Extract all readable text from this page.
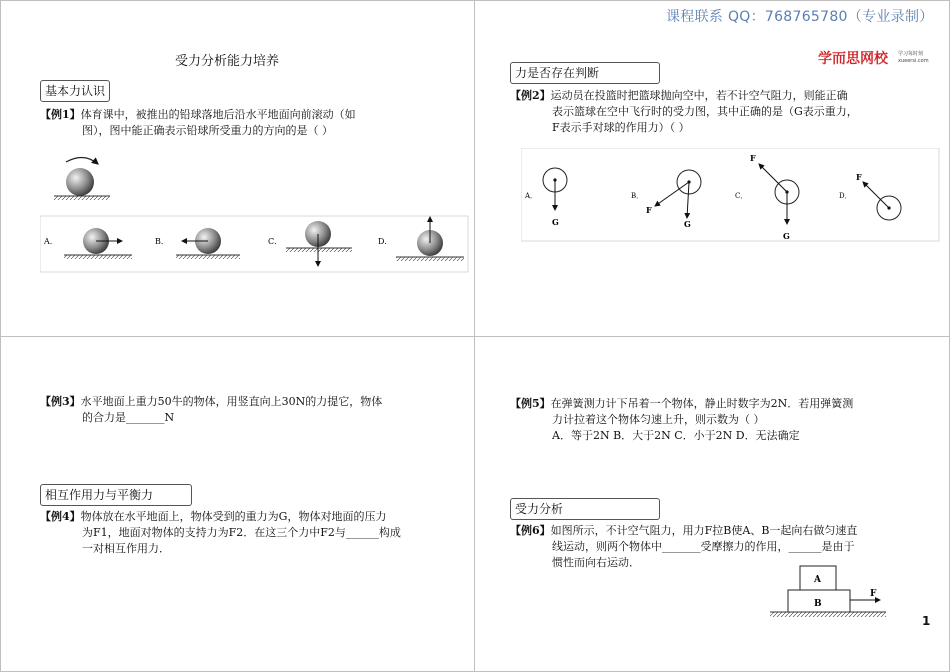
课程联系 QQ：768765780（专业录制）
学而思网校 学习每时刻
xueersi.com
受力分析能力培养
基本力认识
【例1】体育课中，被推出的铅球落地后沿水平地面向前滚动（如
图），图中能正确表示铅球所受重力的方向的是（ ）
A．	B．	C．	D．
力是否存在判断
【例2】运动员在投篮时把篮球抛向空中，若不计空气阻力，则能正确
表示篮球在空中飞行时的受力图，其中正确的是（G表示重力，
F表示手对球的作用力）（ ）
A．
G
B．
F
G
C．
F
G
D．
F
【例3】水平地面上重力50牛的物体，用竖直向上30N的力提它，物体
的合力是_______N
相互作用力与平衡力
【例4】物体放在水平地面上，物体受到的重力为G，物体对地面的压力
为F1，地面对物体的支持力为F2．在这三个力中F2与______构成
一对相互作用力．
【例5】在弹簧测力计下吊着一个物体，静止时数字为2N．若用弹簧测
力计拉着这个物体匀速上升，则示数为（ ）
A．等于2N B．大于2N C．小于2N D．无法确定
受力分析
【例6】如图所示，不计空气阻力，用力F拉B使A、B一起向右做匀速直
线运动，则两个物体中_______受摩擦力的作用，______是由于
惯性而向右运动．
A
B
F
1
